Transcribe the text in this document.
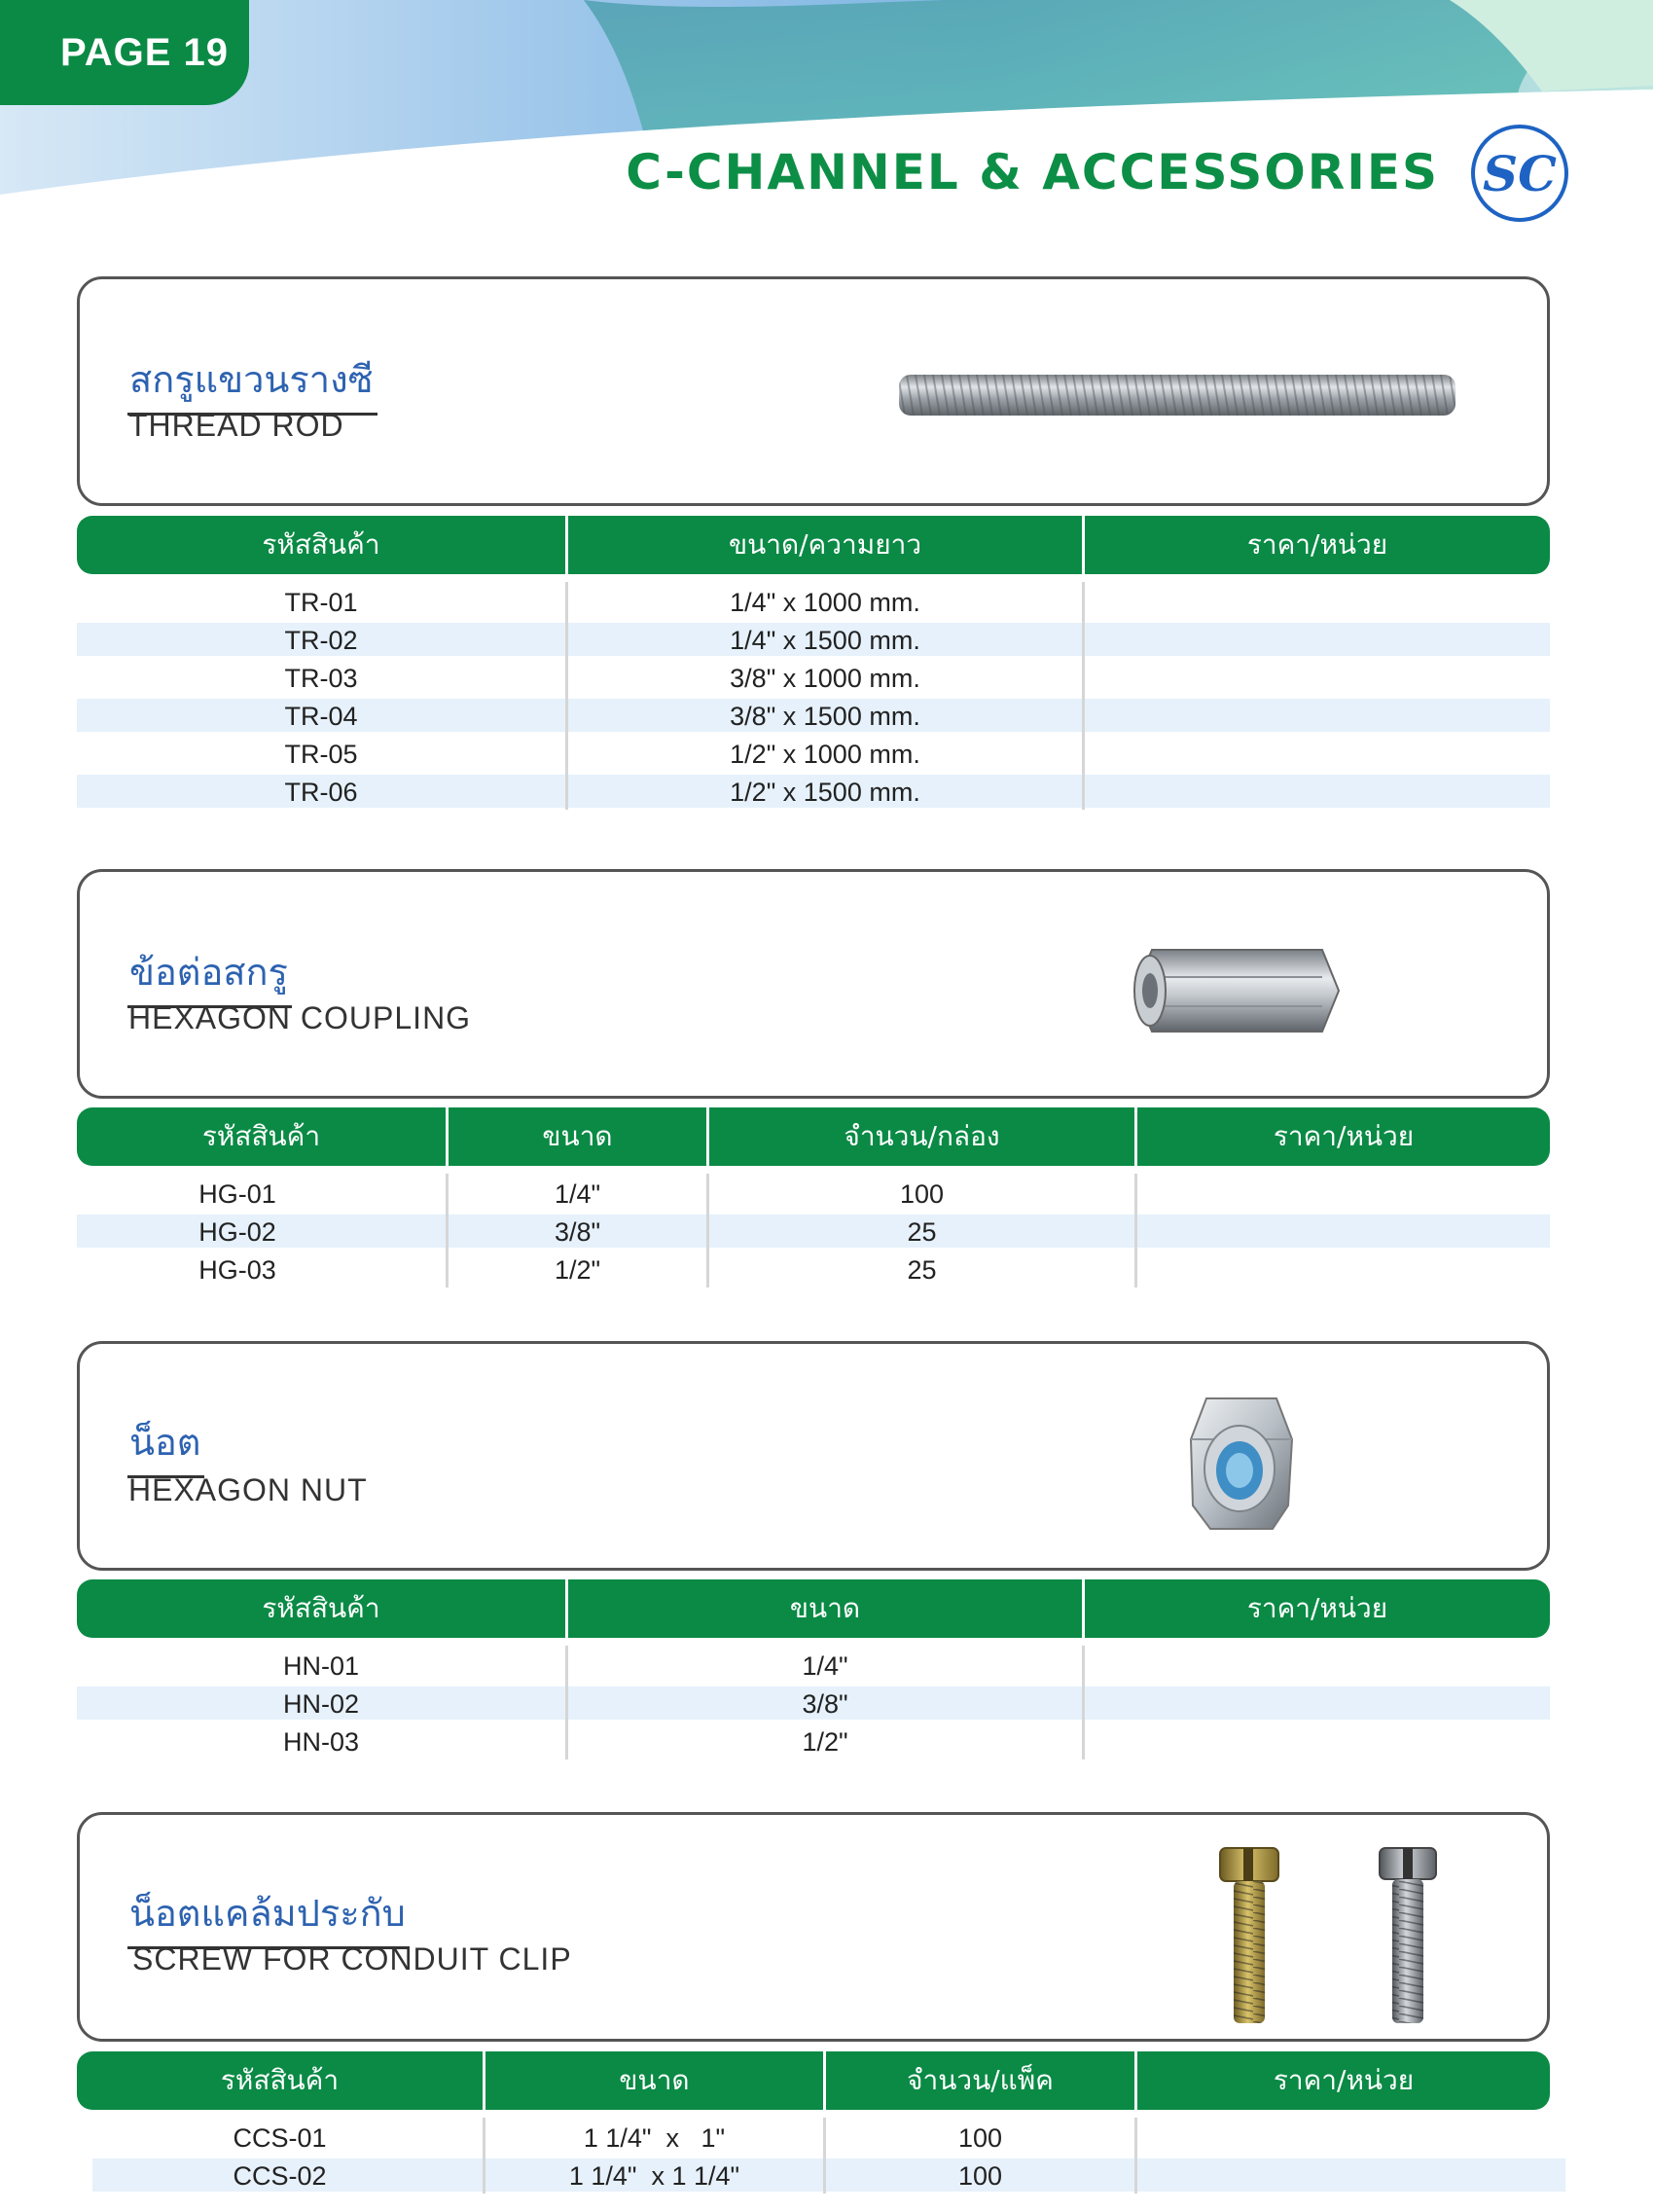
PAGE 19
C-CHANNEL & ACCESSORIES SC
สกรูแขวนรางซี
THREAD ROD
รหัสสินค้า	ขนาด/ความยาว	ราคา/หน่วย
TR-01	1/4" x 1000 mm.
TR-02	1/4" x 1500 mm.
TR-03	3/8" x 1000 mm.
TR-04	3/8" x 1500 mm.
TR-05	1/2" x 1000 mm.
TR-06	1/2" x 1500 mm.
ข้อต่อสกรู
HEXAGON COUPLING
รหัสสินค้า	ขนาด	จำนวน/กล่อง	ราคา/หน่วย
HG-01	1/4"	100
HG-02	3/8"	25
HG-03	1/2"	25
น็อต
HEXAGON NUT
รหัสสินค้า	ขนาด	ราคา/หน่วย
HN-01	1/4"
HN-02	3/8"
HN-03	1/2"
น็อตแคล้มประกับ
SCREW FOR CONDUIT CLIP
รหัสสินค้า	ขนาด	จำนวน/แพ็ค	ราคา/หน่วย
CCS-01	1 1/4"  x   1"	100
CCS-02	1 1/4"  x 1 1/4"	100
